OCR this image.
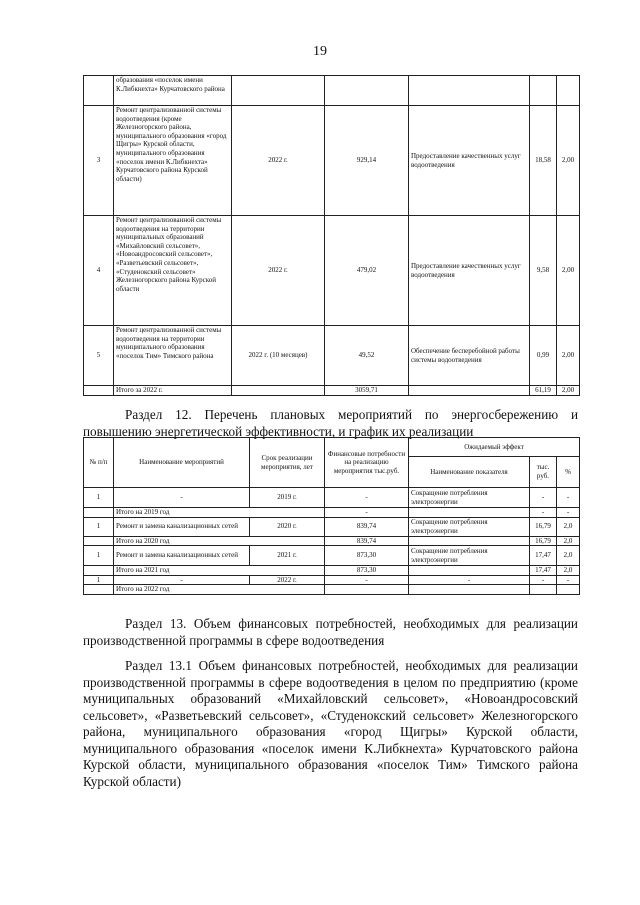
19
	образования «поселок имени К.Либкнехта» Курчатовского района					
3	Ремонт централизованной системы водоотведения (кроме Железногорского района, муниципального образования «город Щигры» Курской области, муниципального образования «поселок имени К.Либкнехта» Курчатовского района Курской области)	2022 г.	929,14	Предоставление качественных услуг водоотведения	18,58	2,00
4	Ремонт централизованной системы водоотведения на территории муниципальных образований «Михайловский сельсовет», «Новоандросовский сельсовет», «Разветьевский сельсовет», «Студенокский сельсовет» Железногорского района Курской области	2022 г.	479,02	Предоставление качественных услуг водоотведения	9,58	2,00
5	Ремонт централизованной системы водоотведения на территории муниципального образования «поселок Тим» Тимского района	2022 г. (10 месяцев)	49,52	Обеспечение бесперебойной работы системы водоотведения	0,99	2,00
	Итого за 2022 г.		3059,71		61,19	2,00

Раздел 12. Перечень плановых мероприятий по энергосбережению и повышению энергетической эффективности, и график их реализации

№ п/п	Наименование мероприятий	Срок реализации мероприятия, лет	Финансовые потребности на реализацию мероприятия тыс.руб.	Ожидаемый эффект		
				Наименование показателя	тыс. руб.	%
1	-	2019 г.	-	Сокращение потребления электроэнергии	-	-
	Итого на 2019 год		-		-	-
1	Ремонт и замена канализационных сетей	2020 г.	839,74	Сокращение потребления электроэнергии	16,79	2,0
	Итого на 2020 год		839,74		16,79	2,0
1	Ремонт и замена канализационных сетей	2021 г.	873,30	Сокращение потребления электроэнергии	17,47	2,0
	Итого на 2021 год		873,30		17,47	2,0
1	-	2022 г.	-	-	-	-
	Итого на 2022 год					

Раздел 13. Объем финансовых потребностей, необходимых для реализации производственной программы в сфере водоотведения

Раздел 13.1 Объем финансовых потребностей, необходимых для реализации производственной программы в сфере водоотведения в целом по предприятию (кроме муниципальных образований «Михайловский сельсовет», «Новоандросовский сельсовет», «Разветьевский сельсовет», «Студенокский сельсовет» Железногорского района, муниципального образования «город Щигры» Курской области, муниципального образования «поселок имени К.Либкнехта» Курчатовского района Курской области, муниципального образования «поселок Тим» Тимского района Курской области)
